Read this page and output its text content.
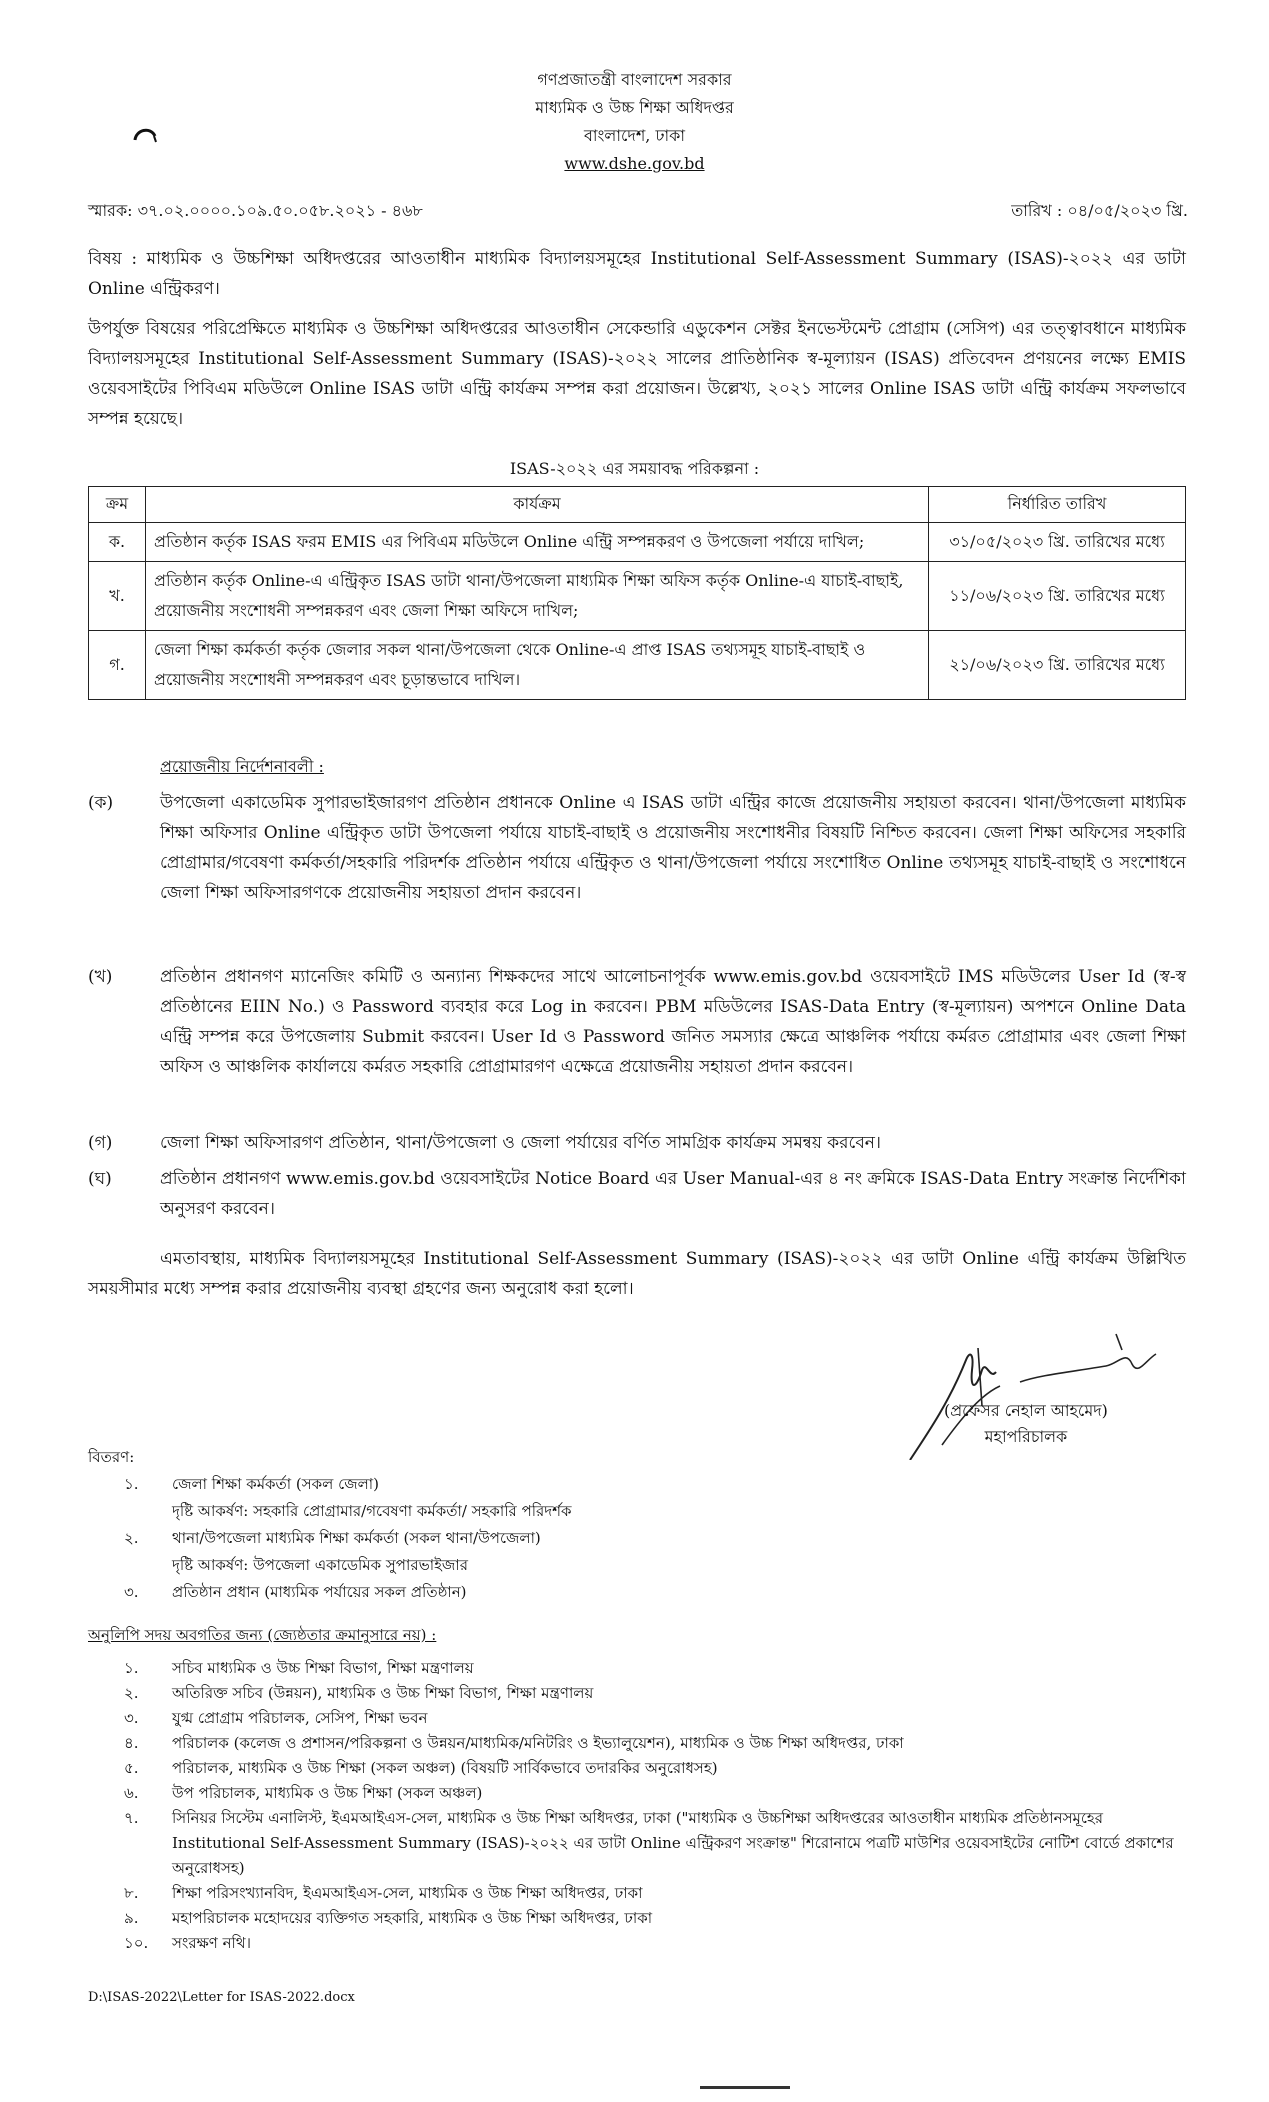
গণপ্রজাতন্ত্রী বাংলাদেশ সরকার
মাধ্যমিক ও উচ্চ শিক্ষা অধিদপ্তর
বাংলাদেশ, ঢাকা
www.dshe.gov.bd
স্মারক: ৩৭.০২.০০০০.১০৯.৫০.০৫৮.২০২১ - ৪৬৮	তারিখ : ০৪/০৫/২০২৩ খ্রি.
বিষয় : মাধ্যমিক ও উচ্চশিক্ষা অধিদপ্তরের আওতাধীন মাধ্যমিক বিদ্যালয়সমূহের Institutional Self-Assessment Summary (ISAS)-২০২২ এর ডাটা Online এন্ট্রিকরণ।
উপর্যুক্ত বিষয়ের পরিপ্রেক্ষিতে মাধ্যমিক ও উচ্চশিক্ষা অধিদপ্তরের আওতাধীন সেকেন্ডারি এডুকেশন সেক্টর ইনভেস্টমেন্ট প্রোগ্রাম (সেসিপ) এর তত্ত্বাবধানে মাধ্যমিক বিদ্যালয়সমূহের Institutional Self-Assessment Summary (ISAS)-২০২২ সালের প্রাতিষ্ঠানিক স্ব-মূল্যায়ন (ISAS) প্রতিবেদন প্রণয়নের লক্ষ্যে EMIS ওয়েবসাইটের পিবিএম মডিউলে Online ISAS ডাটা এন্ট্রি কার্যক্রম সম্পন্ন করা প্রয়োজন। উল্লেখ্য, ২০২১ সালের Online ISAS ডাটা এন্ট্রি কার্যক্রম সফলভাবে সম্পন্ন হয়েছে।
ISAS-২০২২ এর সময়াবদ্ধ পরিকল্পনা :
ক্রম	কার্যক্রম	নির্ধারিত তারিখ
ক.	প্রতিষ্ঠান কর্তৃক ISAS ফরম EMIS এর পিবিএম মডিউলে Online এন্ট্রি সম্পন্নকরণ ও উপজেলা পর্যায়ে দাখিল;	৩১/০৫/২০২৩ খ্রি. তারিখের মধ্যে
খ.	প্রতিষ্ঠান কর্তৃক Online-এ এন্ট্রিকৃত ISAS ডাটা থানা/উপজেলা মাধ্যমিক শিক্ষা অফিস কর্তৃক Online-এ যাচাই-বাছাই, প্রয়োজনীয় সংশোধনী সম্পন্নকরণ এবং জেলা শিক্ষা অফিসে দাখিল;	১১/০৬/২০২৩ খ্রি. তারিখের মধ্যে
গ.	জেলা শিক্ষা কর্মকর্তা কর্তৃক জেলার সকল থানা/উপজেলা থেকে Online-এ প্রাপ্ত ISAS তথ্যসমূহ যাচাই-বাছাই ও প্রয়োজনীয় সংশোধনী সম্পন্নকরণ এবং চূড়ান্তভাবে দাখিল।	২১/০৬/২০২৩ খ্রি. তারিখের মধ্যে
প্রয়োজনীয় নির্দেশনাবলী :
(ক)	উপজেলা একাডেমিক সুপারভাইজারগণ প্রতিষ্ঠান প্রধানকে Online এ ISAS ডাটা এন্ট্রির কাজে প্রয়োজনীয় সহায়তা করবেন। থানা/উপজেলা মাধ্যমিক শিক্ষা অফিসার Online এন্ট্রিকৃত ডাটা উপজেলা পর্যায়ে যাচাই-বাছাই ও প্রয়োজনীয় সংশোধনীর বিষয়টি নিশ্চিত করবেন। জেলা শিক্ষা অফিসের সহকারি প্রোগ্রামার/গবেষণা কর্মকর্তা/সহকারি পরিদর্শক প্রতিষ্ঠান পর্যায়ে এন্ট্রিকৃত ও থানা/উপজেলা পর্যায়ে সংশোধিত Online তথ্যসমূহ যাচাই-বাছাই ও সংশোধনে জেলা শিক্ষা অফিসারগণকে প্রয়োজনীয় সহায়তা প্রদান করবেন।
(খ)	প্রতিষ্ঠান প্রধানগণ ম্যানেজিং কমিটি ও অন্যান্য শিক্ষকদের সাথে আলোচনাপূর্বক www.emis.gov.bd ওয়েবসাইটে IMS মডিউলের User Id (স্ব-স্ব প্রতিষ্ঠানের EIIN No.) ও Password ব্যবহার করে Log in করবেন। PBM মডিউলের ISAS-Data Entry (স্ব-মূল্যায়ন) অপশনে Online Data এন্ট্রি সম্পন্ন করে উপজেলায় Submit করবেন। User Id ও Password জনিত সমস্যার ক্ষেত্রে আঞ্চলিক পর্যায়ে কর্মরত প্রোগ্রামার এবং জেলা শিক্ষা অফিস ও আঞ্চলিক কার্যালয়ে কর্মরত সহকারি প্রোগ্রামারগণ এক্ষেত্রে প্রয়োজনীয় সহায়তা প্রদান করবেন।
(গ)	জেলা শিক্ষা অফিসারগণ প্রতিষ্ঠান, থানা/উপজেলা ও জেলা পর্যায়ের বর্ণিত সামগ্রিক কার্যক্রম সমন্বয় করবেন।
(ঘ)	প্রতিষ্ঠান প্রধানগণ www.emis.gov.bd ওয়েবসাইটের Notice Board এর User Manual-এর ৪ নং ক্রমিকে ISAS-Data Entry সংক্রান্ত নির্দেশিকা অনুসরণ করবেন।
এমতাবস্থায়, মাধ্যমিক বিদ্যালয়সমূহের Institutional Self-Assessment Summary (ISAS)-২০২২ এর ডাটা Online এন্ট্রি কার্যক্রম উল্লিখিত সময়সীমার মধ্যে সম্পন্ন করার প্রয়োজনীয় ব্যবস্থা গ্রহণের জন্য অনুরোধ করা হলো।
(প্রফেসর নেহাল আহমেদ)
মহাপরিচালক
বিতরণ:
১. জেলা শিক্ষা কর্মকর্তা (সকল জেলা)
দৃষ্টি আকর্ষণ: সহকারি প্রোগ্রামার/গবেষণা কর্মকর্তা/ সহকারি পরিদর্শক
২. থানা/উপজেলা মাধ্যমিক শিক্ষা কর্মকর্তা (সকল থানা/উপজেলা)
দৃষ্টি আকর্ষণ: উপজেলা একাডেমিক সুপারভাইজার
৩. প্রতিষ্ঠান প্রধান (মাধ্যমিক পর্যায়ের সকল প্রতিষ্ঠান)
অনুলিপি সদয় অবগতির জন্য (জ্যেষ্ঠতার ক্রমানুসারে নয়) :
১. সচিব মাধ্যমিক ও উচ্চ শিক্ষা বিভাগ, শিক্ষা মন্ত্রণালয়
২. অতিরিক্ত সচিব (উন্নয়ন), মাধ্যমিক ও উচ্চ শিক্ষা বিভাগ, শিক্ষা মন্ত্রণালয়
৩. যুগ্ম প্রোগ্রাম পরিচালক, সেসিপ, শিক্ষা ভবন
৪. পরিচালক (কলেজ ও প্রশাসন/পরিকল্পনা ও উন্নয়ন/মাধ্যমিক/মনিটরিং ও ইভ্যালুয়েশন), মাধ্যমিক ও উচ্চ শিক্ষা অধিদপ্তর, ঢাকা
৫. পরিচালক, মাধ্যমিক ও উচ্চ শিক্ষা (সকল অঞ্চল) (বিষয়টি সার্বিকভাবে তদারকির অনুরোধসহ)
৬. উপ পরিচালক, মাধ্যমিক ও উচ্চ শিক্ষা (সকল অঞ্চল)
৭. সিনিয়র সিস্টেম এনালিস্ট, ইএমআইএস-সেল, মাধ্যমিক ও উচ্চ শিক্ষা অধিদপ্তর, ঢাকা ("মাধ্যমিক ও উচ্চশিক্ষা অধিদপ্তরের আওতাধীন মাধ্যমিক প্রতিষ্ঠানসমূহের Institutional Self-Assessment Summary (ISAS)-২০২২ এর ডাটা Online এন্ট্রিকরণ সংক্রান্ত" শিরোনামে পত্রটি মাউশির ওয়েবসাইটের নোটিশ বোর্ডে প্রকাশের অনুরোধসহ)
৮. শিক্ষা পরিসংখ্যানবিদ, ইএমআইএস-সেল, মাধ্যমিক ও উচ্চ শিক্ষা অধিদপ্তর, ঢাকা
৯. মহাপরিচালক মহোদয়ের ব্যক্তিগত সহকারি, মাধ্যমিক ও উচ্চ শিক্ষা অধিদপ্তর, ঢাকা
১০. সংরক্ষণ নথি।
D:\ISAS-2022\Letter for ISAS-2022.docx
